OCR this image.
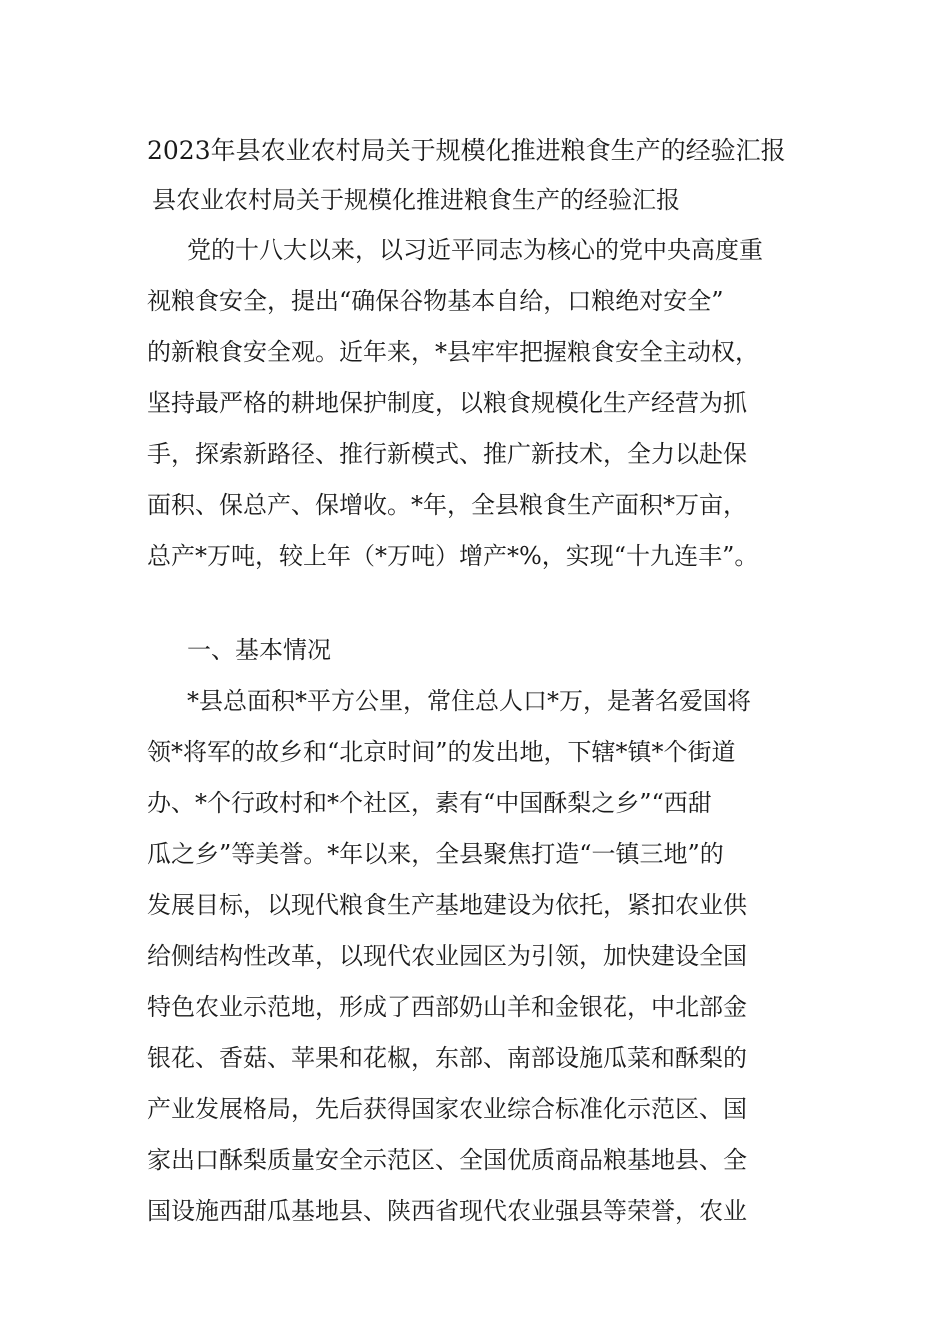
2023年县农业农村局关于规模化推进粮食生产的经验汇报
县农业农村局关于规模化推进粮食生产的经验汇报
党的十八大以来，以习近平同志为核心的党中央高度重
视粮食安全，提出“确保谷物基本自给，口粮绝对安全”
的新粮食安全观。近年来，*县牢牢把握粮食安全主动权，
坚持最严格的耕地保护制度，以粮食规模化生产经营为抓
手，探索新路径、推行新模式、推广新技术，全力以赴保
面积、保总产、保增收。*年，全县粮食生产面积*万亩，
总产*万吨，较上年（*万吨）增产*%，实现“十九连丰”。
一、基本情况
*县总面积*平方公里，常住总人口*万，是著名爱国将
领*将军的故乡和“北京时间”的发出地，下辖*镇*个街道
办、*个行政村和*个社区，素有“中国酥梨之乡”“西甜
瓜之乡”等美誉。*年以来，全县聚焦打造“一镇三地”的
发展目标，以现代粮食生产基地建设为依托，紧扣农业供
给侧结构性改革，以现代农业园区为引领，加快建设全国
特色农业示范地，形成了西部奶山羊和金银花，中北部金
银花、香菇、苹果和花椒，东部、南部设施瓜菜和酥梨的
产业发展格局，先后获得国家农业综合标准化示范区、国
家出口酥梨质量安全示范区、全国优质商品粮基地县、全
国设施西甜瓜基地县、陕西省现代农业强县等荣誉，农业
